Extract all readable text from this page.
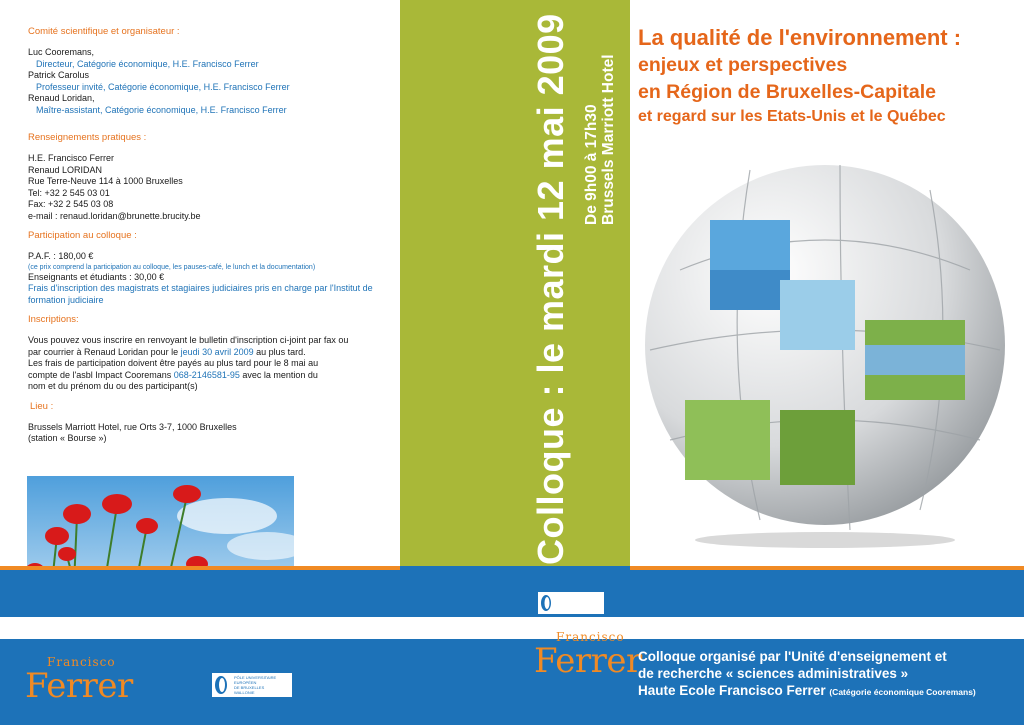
Comité scientifique et organisateur :
Luc Cooremans,
Directeur, Catégorie économique, H.E. Francisco Ferrer
Patrick Carolus
Professeur invité, Catégorie économique, H.E. Francisco Ferrer
Renaud Loridan,
Maître-assistant, Catégorie économique, H.E. Francisco Ferrer
Renseignements pratiques :
H.E. Francisco Ferrer
Renaud LORIDAN
Rue Terre-Neuve 114 à 1000 Bruxelles
Tel: +32 2 545 03 01
Fax: +32 2 545 03 08
e-mail : renaud.loridan@brunette.brucity.be
Participation au colloque :
P.A.F. : 180,00 €
(ce prix comprend la participation au colloque, les pauses-café, le lunch et la documentation)
Enseignants et étudiants : 30,00 €
Frais d'inscription des magistrats et stagiaires judiciaires pris en charge par l'Institut de formation judiciaire
Inscriptions:
Vous pouvez vous inscrire en renvoyant le bulletin d'inscription ci-joint par fax ou
par courrier à Renaud Loridan pour le jeudi 30 avril 2009 au plus tard.
Les frais de participation doivent être payés au plus tard pour le 8 mai au
compte de l'asbl Impact Cooremans 068-2146581-95 avec la mention du
nom et du prénom du ou des participant(s)
Lieu :
Brussels Marriott Hotel, rue Orts 3-7, 1000 Bruxelles
(station « Bourse »)	Colloque : le mardi 12 mai 2009 De 9h00 à 17h30 Brussels Marriott Hotel
La qualité de l'environnement :
enjeux et perspectives
en Région de Bruxelles-Capitale
et regard sur les Etats-Unis et le Québec
Francisco
Ferrer	PÔLE UNIVERSITAIRE
EUROPÉEN
DE BRUXELLES
WALLONIE
Francisco
Ferrer
Colloque organisé par l'Unité d'enseignement et
de recherche « sciences administratives »
Haute Ecole Francisco Ferrer (Catégorie économique Cooremans)
